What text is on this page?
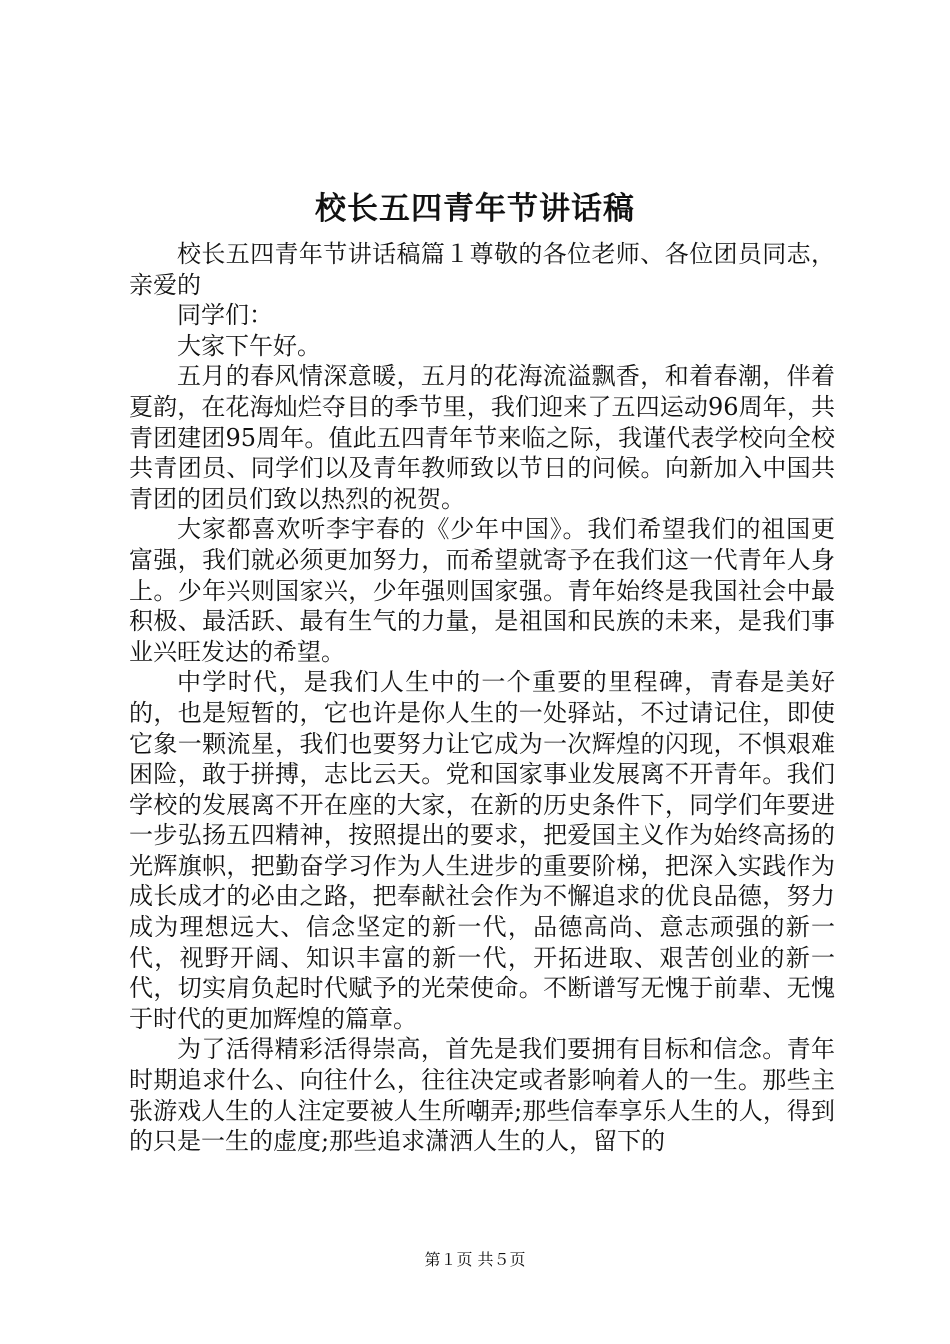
校长五四青年节讲话稿

校长五四青年节讲话稿篇１尊敬的各位老师、各位团员同志，亲爱的

同学们：

大家下午好。

五月的春风情深意暖，五月的花海流溢飘香，和着春潮，伴着夏韵，在花海灿烂夺目的季节里，我们迎来了五四运动96周年，共青团建团95周年。值此五四青年节来临之际，我谨代表学校向全校共青团员、同学们以及青年教师致以节日的问候。向新加入中国共青团的团员们致以热烈的祝贺。

大家都喜欢听李宇春的《少年中国》。我们希望我们的祖国更富强，我们就必须更加努力，而希望就寄予在我们这一代青年人身上。少年兴则国家兴，少年强则国家强。青年始终是我国社会中最积极、最活跃、最有生气的力量，是祖国和民族的未来，是我们事业兴旺发达的希望。

中学时代，是我们人生中的一个重要的里程碑，青春是美好的，也是短暂的，它也许是你人生的一处驿站，不过请记住，即使它象一颗流星，我们也要努力让它成为一次辉煌的闪现，不惧艰难困险，敢于拼搏，志比云天。党和国家事业发展离不开青年。我们学校的发展离不开在座的大家，在新的历史条件下，同学们年要进一步弘扬五四精神，按照提出的要求，把爱国主义作为始终高扬的光辉旗帜，把勤奋学习作为人生进步的重要阶梯，把深入实践作为成长成才的必由之路，把奉献社会作为不懈追求的优良品德，努力成为理想远大、信念坚定的新一代，品德高尚、意志顽强的新一代，视野开阔、知识丰富的新一代，开拓进取、艰苦创业的新一代，切实肩负起时代赋予的光荣使命。不断谱写无愧于前辈、无愧于时代的更加辉煌的篇章。

为了活得精彩活得崇高，首先是我们要拥有目标和信念。青年时期追求什么、向往什么，往往决定或者影响着人的一生。那些主张游戏人生的人注定要被人生所嘲弄;那些信奉享乐人生的人，得到的只是一生的虚度;那些追求潇洒人生的人，留下的

第１页 共５页
